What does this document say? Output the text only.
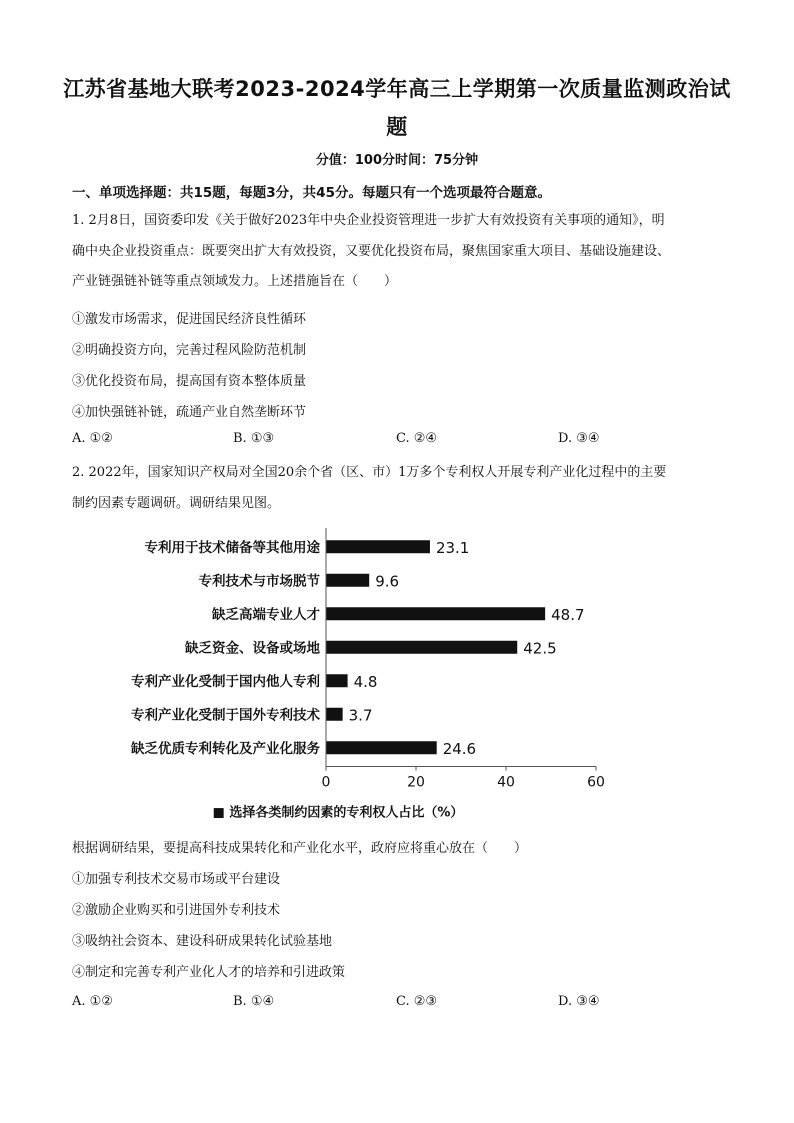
江苏省基地大联考2023-2024学年高三上学期第一次质量监测政治试
题
分值：100分时间：75分钟
一、单项选择题：共15题，每题3分，共45分。每题只有一个选项最符合题意。
1. 2月8日，国资委印发《关于做好2023年中央企业投资管理进一步扩大有效投资有关事项的通知》，明
确中央企业投资重点：既要突出扩大有效投资，又要优化投资布局，聚焦国家重大项目、基础设施建设、
产业链强链补链等重点领域发力。上述措施旨在（　　）
①激发市场需求，促进国民经济良性循环
②明确投资方向，完善过程风险防范机制
③优化投资布局，提高国有资本整体质量
④加快强链补链，疏通产业自然垄断环节
A. ①②	B. ①③	C. ②④	D. ③④
2. 2022年，国家知识产权局对全国20余个省（区、市）1万多个专利权人开展专利产业化过程中的主要
制约因素专题调研。调研结果见图。
专利用于技术储备等其他用途	23.1
专利技术与市场脱节	9.6
缺乏高端专业人才	48.7
缺乏资金、设备或场地	42.5
专利产业化受制于国内他人专利 4.8
专利产业化受制于国外专利技术 3.7
缺乏优质专利转化及产业化服务	24.6
0	20	40	60
■ 选择各类制约因素的专利权人占比（%）
根据调研结果，要提高科技成果转化和产业化水平，政府应将重心放在（　　）
①加强专利技术交易市场或平台建设
②激励企业购买和引进国外专利技术
③吸纳社会资本、建设科研成果转化试验基地
④制定和完善专利产业化人才的培养和引进政策
A. ①②	B. ①④	C. ②③	D. ③④
